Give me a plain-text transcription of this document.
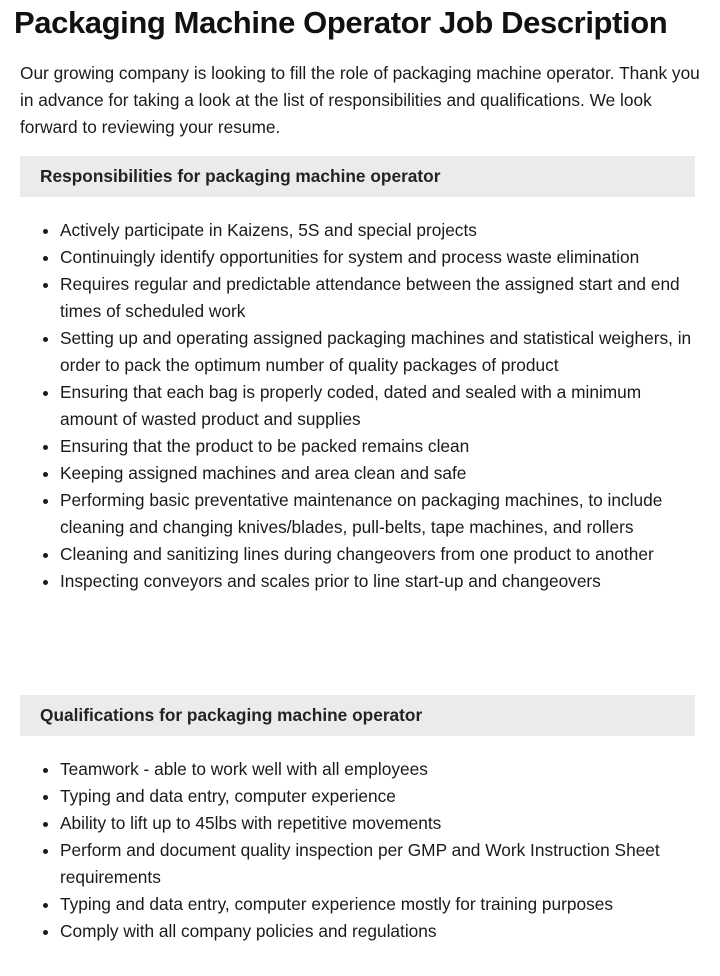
Packaging Machine Operator Job Description

Our growing company is looking to fill the role of packaging machine operator. Thank you in advance for taking a look at the list of responsibilities and qualifications. We look forward to reviewing your resume.

Responsibilities for packaging machine operator
• Actively participate in Kaizens, 5S and special projects
• Continuingly identify opportunities for system and process waste elimination
• Requires regular and predictable attendance between the assigned start and end times of scheduled work
• Setting up and operating assigned packaging machines and statistical weighers, in order to pack the optimum number of quality packages of product
• Ensuring that each bag is properly coded, dated and sealed with a minimum amount of wasted product and supplies
• Ensuring that the product to be packed remains clean
• Keeping assigned machines and area clean and safe
• Performing basic preventative maintenance on packaging machines, to include cleaning and changing knives/blades, pull-belts, tape machines, and rollers
• Cleaning and sanitizing lines during changeovers from one product to another
• Inspecting conveyors and scales prior to line start-up and changeovers
Qualifications for packaging machine operator
• Teamwork - able to work well with all employees
• Typing and data entry, computer experience
• Ability to lift up to 45lbs with repetitive movements
• Perform and document quality inspection per GMP and Work Instruction Sheet requirements
• Typing and data entry, computer experience mostly for training purposes
• Comply with all company policies and regulations
